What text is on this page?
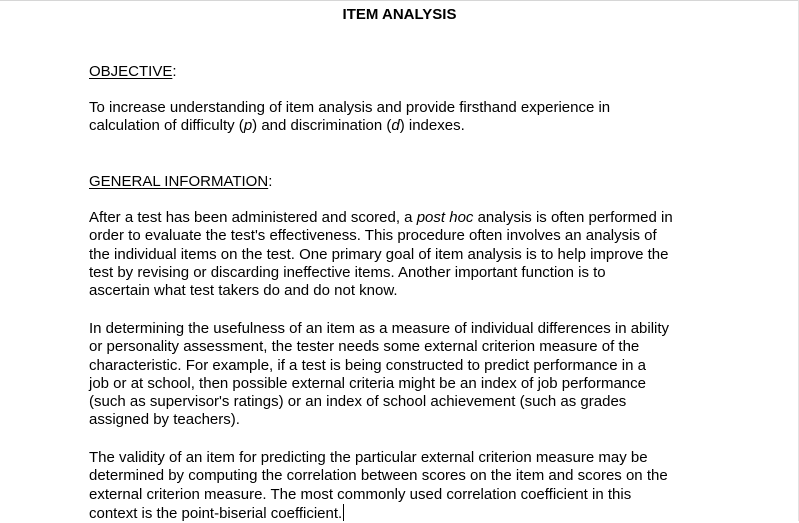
ITEM ANALYSIS
OBJECTIVE:
To increase understanding of item analysis and provide firsthand experience in
calculation of difficulty (p) and discrimination (d) indexes.
GENERAL INFORMATION:
After a test has been administered and scored, a post hoc analysis is often performed in
order to evaluate the test's effectiveness. This procedure often involves an analysis of
the individual items on the test. One primary goal of item analysis is to help improve the
test by revising or discarding ineffective items. Another important function is to
ascertain what test takers do and do not know.
In determining the usefulness of an item as a measure of individual differences in ability
or personality assessment, the tester needs some external criterion measure of the
characteristic. For example, if a test is being constructed to predict performance in a
job or at school, then possible external criteria might be an index of job performance
(such as supervisor's ratings) or an index of school achievement (such as grades
assigned by teachers).
The validity of an item for predicting the particular external criterion measure may be
determined by computing the correlation between scores on the item and scores on the
external criterion measure. The most commonly used correlation coefficient in this
context is the point-biserial coefficient.
